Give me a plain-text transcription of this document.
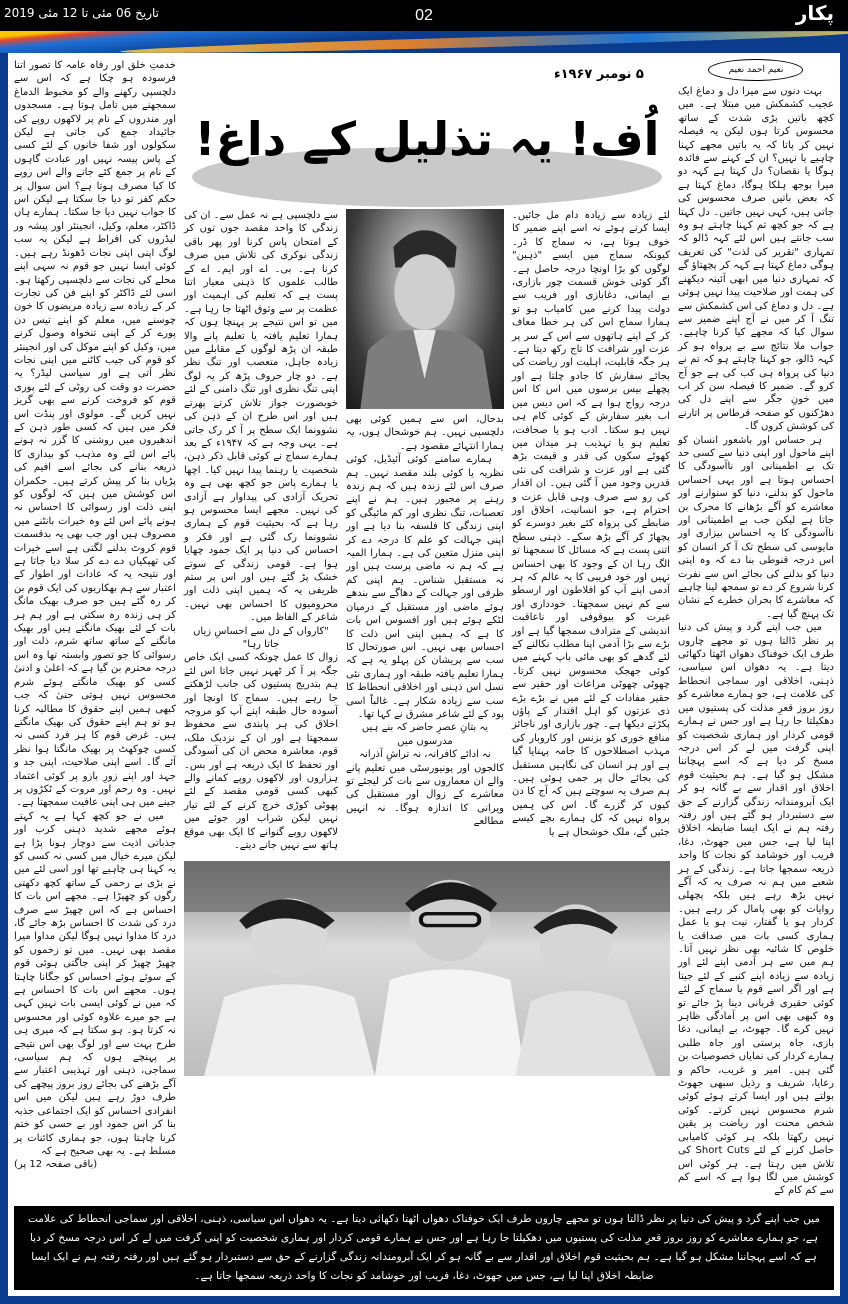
پکار
02
تاریخ 06 مئی تا 12 مئی 2019

خدمتِ خلق اور رفاہ عامہ کا تصور اتنا فرسودہ ہو چکا ہے کہ اس سے دلچسپی رکھنے والے کو مخبوط الدماغ سمجھنے میں تامل ہوتا ہے۔ مسجدوں اور مندروں کے نام پر لاکھوں روپے کی جائیداد جمع کی جاتی ہے لیکن سکولوں اور شفا خانوں کے لئے کسی کے پاس پیسہ نہیں اور عبادت گاہوں کے نام پر جمع کئے جانے والے اس روپے کا کیا مصرف ہوتا ہے؟ اس سوال پر حکم کفر تو دیا جا سکتا ہے لیکن اس کا جواب نہیں دیا جا سکتا۔ ہمارے ہاں ڈاکٹر، معلم، وکیل، انجینئر اور پیشہ ور لیڈروں کی افراط ہے لیکن یہ سب لوگ اپنی اپنی نجات ڈھونڈ رہے ہیں۔ کوئی ایسا نہیں جو قوم نہ سہی اپنے محلے کی نجات سے دلچسپی رکھتا ہو۔ اسی لئے ڈاکٹر کو اپنے فن کی تجارت کر کے زیادہ سے زیادہ مریضوں کا خون چوسنے میں، معلم کو اپنے تیس دن پورے کر کے اپنی تنخواہ وصول کرنے میں، وکیل کو اپنے موکل کی اور انجینئر کو قوم کی جیب کاٹنے میں اپنی نجات نظر آتی ہے اور سیاسی لیڈر؟ یہ حضرت دو وقت کی روٹی کے لئے پوری قوم کو فروخت کرنے سے بھی گریز نہیں کریں گے۔ مولوی اور پنڈت اس فکر میں ہیں کہ کسی طور ذہن کے اندھیروں میں روشنی کا گزر نہ ہونے پائے اس لئے وہ مذہب کو بیداری کا ذریعہ بنانے کی بجائے اسے افیم کی پڑیاں بنا کر پیش کرتے ہیں۔ حکمران اس کوشش میں ہیں کہ لوگوں کو اپنی ذلت اور رسوائی کا احساس نہ ہونے پائے اس لئے وہ خیرات بانٹنے میں مصروف ہیں اور جب بھی یہ بدقسمت قوم کروٹ بدلنے لگتی ہے اسے خیرات کی تھپکیاں دے دے کر سلا دیا جاتا ہے اور نتیجہ یہ کہ عادات اور اطوار کے اعتبار سے ہم بھکاریوں کی ایک قوم بن کر رہ گئے ہیں جو صرف بھیک مانگ کر ہی زندہ رہ سکتی ہے اور ہم ہر بات کے لئے بھیک مانگتے ہیں اور بھیک مانگنے کے ساتھ ساتھ شرم، ذلت اور رسوائی کا جو تصور وابستہ تھا وہ اس درجہ محترم بن گیا ہے کہ اعلیٰ و ادنیٰ کسی کو بھیک مانگتے ہوئے شرم محسوس نہیں ہوتی حتیٰ کہ جب کبھی ہمیں اپنے حقوق کا مطالبہ کرنا ہو تو ہم اپنے حقوق کی بھیک مانگتے ہیں۔ غرض قوم کا ہر فرد کسی نہ کسی چوکھٹ پر بھیک مانگتا ہوا نظر آئے گا۔ اسے اپنی صلاحیت، اپنی جد و جہد اور اپنے زورِ بازو پر کوئی اعتماد نہیں۔ وہ رحم اور مروت کے ٹکڑوں پر جینے میں ہی اپنی عافیت سمجھتا ہے۔

میں نے جو کچھ کہا ہے یہ کہتے ہوئے مجھے شدید ذہنی کرب اور جذباتی اذیت سے دوچار ہونا پڑا ہے لیکن میرے خیال میں کسی نہ کسی کو یہ کہنا ہی چاہیے تھا اور اسی لئے میں نے بڑی بے رحمی کے ساتھ کچھ دکھتی رگوں کو چھیڑا ہے۔ مجھے اس بات کا احساس ہے کہ اس چھیڑ سے صرف درد کی شدت کا احساس بڑھ جائے گا، درد کا مداوا نہیں ہوگا لیکن مداوا میرا مقصد بھی نہیں۔ میں تو زخموں کو چھیڑ چھیڑ کر اپنی جاگتی ہوئی قوم کے سوئے ہوئے احساس کو جگانا چاہتا ہوں۔ مجھے اس بات کا احساس ہے کہ میں نے کوئی ایسی بات نہیں کہی ہے جو میرے علاوہ کوئی اور محسوس نہ کرتا ہو۔ ہو سکتا ہے کہ میری ہی طرح بہت سے اور لوگ بھی اس نتیجے پر پہنچے ہوں کہ ہم سیاسی، سماجی، ذہنی اور تہذیبی اعتبار سے آگے بڑھنے کی بجائے روز بروز پیچھے کی طرف دوڑ رہے ہیں لیکن میں اس انفرادی احساس کو ایک اجتماعی جذبہ بنا کر اس جمود اور بے حسی کو ختم کرنا چاہتا ہوں، جو ہماری کائنات پر مسلط ہے۔ یہ بھی صحیح ہے کہ

(باقی صفحہ 12 پر)

۵ نومبر ۱۹۶۷ء
اُف! یہ تذلیل کے داغ!

سے دلچسپی ہے نہ عمل سے۔ ان کی زندگی کا واحد مقصد جوں توں کر کے امتحان پاس کرنا اور پھر باقی زندگی نوکری کی تلاش میں صرف کرنا ہے۔ بی۔ اے اور ایم۔ اے کے طالب علموں کا ذہنی معیار اتنا پست ہے کہ تعلیم کی اہمیت اور عظمت پر سے وثوق اٹھتا جا رہا ہے۔ میں تو اس نتیجے پر پہنچا ہوں کہ ہمارا تعلیم یافتہ یا تعلیم پانے والا طبقہ ان پڑھ لوگوں کے مقابلے میں زیادہ جاہل، متعصب اور تنگ نظر ہے۔ دو چار حروف پڑھ کر یہ لوگ اپنی تنگ نظری اور تنگ دامنی کے لئے خوبصورت جواز تلاش کرتے پھرتے ہیں اور اس طرح ان کے ذہن کی نشوونما ایک سطح پر آ کر رک جاتی ہے۔ یہی وجہ ہے کہ ۱۹۴۷ء کے بعد ہمارے سماج نے کوئی قابل ذکر ذہن، شخصیت یا رہنما پیدا نہیں کیا۔ اچھا یا ہمارے پاس جو کچھ بھی ہے وہ تحریک آزادی کی پیداوار ہے آزادی کی نہیں۔ مجھے ایسا محسوس ہو رہا ہے کہ بحیثیت قوم کے ہماری نشوونما رک گئی ہے اور فکر و احساس کی دنیا پر ایک جمود چھایا ہوا ہے۔ قومی زندگی کے سوتے خشک پڑ گئے ہیں اور اس پر ستم ظریفی یہ کہ ہمیں اپنی ذلت اور محرومیوں کا احساس بھی نہیں۔ شاعر کے الفاظ میں۔

"کارواں کے دل سے احساسِ زیاں جاتا رہا"

زوال کا عمل چونکہ کسی ایک خاص جگہ پر آ کر ٹھہر نہیں جاتا اس لئے ہم بتدریج پستیوں کی جانب لڑھکتے جا رہے ہیں۔ سماج کا اونچا اور آسودہ حال طبقہ اپنے آپ کو مروجہ اخلاق کی ہر پابندی سے محفوظ سمجھتا ہے اور ان کے نزدیک ملک، قوم، معاشرہ محض ان کی آسودگی اور تحفظ کا ایک ذریعہ ہے اور بس۔ ہزاروں اور لاکھوں روپے کمانے والے کبھی کسی قومی مقصد کے لئے پھوٹی کوڑی خرچ کرنے کے لئے تیار نہیں لیکن شراب اور جوئے میں لاکھوں روپے گنوانے کا ایک بھی موقع ہاتھ سے نہیں جانے دیتے۔

بدحال، اس سے ہمیں کوئی بھی دلچسپی نہیں۔ ہم خوشحال ہوں، یہ ہمارا انتہائے مقصود ہے۔

ہمارے سامنے کوئی آئیڈیل، کوئی نظریہ یا کوئی بلند مقصد نہیں۔ ہم صرف اس لئے زندہ ہیں کہ ہم زندہ رہنے پر مجبور ہیں۔ ہم نے اپنے تعصبات، تنگ نظری اور کم مائیگی کو اپنی زندگی کا فلسفہ بنا دیا ہے اور اپنی جہالت کو علم کا درجہ دے کر اپنی منزل متعین کی ہے۔ ہمارا المیہ ہے کہ ہم نہ ماضی پرست ہیں اور نہ مستقبل شناس۔ ہم اپنی کم ظرفی اور جہالت کے دھاگے سے بندھے ہوئے ماضی اور مستقبل کے درمیان لٹکے ہوئے ہیں اور افسوس اس بات کا ہے کہ ہمیں اپنی اس ذلت کا احساس بھی نہیں۔ اس صورتحال کا سب سے پریشان کن پہلو یہ ہے کہ ہمارا تعلیم یافتہ طبقہ اور ہماری نئی نسل اس ذہنی اور اخلاقی انحطاط کا سب سے زیادہ شکار ہے۔ غالباً اسی پود کے لئے شاعر مشرق نے کہا تھا۔

یہ بتانِ عصرِ حاضر کہ بنے ہیں مدرسوں میں

نہ ادائے کافرانہ، نہ تراشِ آذرانہ

کالجوں اور یونیورسٹی میں تعلیم پانے والے ان معماروں سے بات کر لیجئے تو معاشرے کے زوال اور مستقبل کی ویرانی کا اندازہ ہوگا۔ نہ انہیں مطالعے

لئے زیادہ سے زیادہ دام مل جائیں۔ ایسا کرتے ہوئے نہ اسے اپنے ضمیر کا خوف ہوتا ہے، نہ سماج کا ڈر۔ کیونکہ سماج میں ایسے "ذہین" لوگوں کو بڑا اونچا درجہ حاصل ہے۔ اگر کوئی خوش قسمت چور بازاری، بے ایمانی، دغابازی اور فریب سے دولت پیدا کرنے میں کامیاب ہو تو ہمارا سماج اس کی ہر خطا معاف کر کے اپنے ہاتھوں سے اس کے سر پر عزت اور شرافت کا تاج رکھ دیتا ہے۔ ہر جگہ قابلیت، اہلیت اور ریاضت کی بجائے سفارش کا جادو چلتا ہے اور پچھلے بیس برسوں میں اس کا اس درجہ رواج ہوا ہے کہ اس دیس میں اب بغیر سفارش کے کوئی کام ہی نہیں ہو سکتا۔ ادب ہو یا صحافت، تعلیم ہو یا تہذیب ہر میدان میں کھوٹے سکوں کی قدر و قیمت بڑھ گئی ہے اور عزت و شرافت کی نئی قدریں وجود میں آ گئی ہیں۔ ان اقدار کی رو سے صرف وہی قابل عزت و احترام ہے، جو انسانیت، اخلاق اور ضابطے کی پرواہ کئے بغیر دوسرے کو پچھاڑ کر آگے بڑھ سکے۔ ذہنی سطح اتنی پست ہے کہ مسائل کا سمجھنا تو الگ رہا ان کے وجود کا بھی احساس نہیں اور خود فریبی کا یہ عالم کہ ہر آدمی اپنے آپ کو افلاطون اور ارسطو سے کم نہیں سمجھتا۔ خودداری اور غیرت کو بیوقوفی اور ناعاقبت اندیشی کے مترادف سمجھا گیا ہے اور بڑے سے بڑا آدمی اپنا مطلب نکالنے کے لئے گدھے کو بھی مائی باپ کہنے میں کوئی جھجک محسوس نہیں کرتا۔ چھوٹی چھوٹی مراعات اور حقیر سے حقیر مفادات کے لئے میں نے بڑے بڑے ذی عزتوں کو اہل اقتدار کے پاؤں پکڑتے دیکھا ہے۔ چور بازاری اور ناجائز منافع خوری کو بزنس اور کاروبار کی مہذب اصطلاحوں کا جامہ پہنایا گیا ہے اور ہر انسان کی نگاہیں مستقبل کی بجائے حال پر جمی ہوئی ہیں۔ ہم صرف یہ سوچتے ہیں کہ آج کا دن کیوں کر گزرے گا۔ اس کی ہمیں پرواہ نہیں کہ کل ہمارے بچے کیسے جئیں گے، ملک خوشحال ہے یا

نعیم احمد نعیم

بہت دنوں سے میرا دل و دماغ ایک عجیب کشمکش میں مبتلا ہے۔ میں کچھ باتیں بڑی شدت کے ساتھ محسوس کرتا ہوں لیکن یہ فیصلہ نہیں کر پاتا کہ یہ باتیں مجھے کہنا چاہیے یا نہیں؟ ان کے کہنے سے فائدہ ہوگا یا نقصان؟ دل کہتا ہے کہہ دو میرا بوجھ ہلکا ہوگا، دماغ کہتا ہے کہ بعض باتیں صرف محسوس کی جاتی ہیں، کہی نہیں جاتیں۔ دل کہتا ہے کہ جو کچھ تم کہنا چاہتے ہو وہ سب جانتے ہیں اس لئے کہہ ڈالو کہ تمہاری "تقریر کی لذت" کی تعریف ہوگی دماغ کہتا ہے کہہ کر پچھتاؤ گے کہ تمہاری دنیا میں ابھی آئینہ دیکھنے کی ہمت اور صلاحیت پیدا نہیں ہوئی ہے۔ دل و دماغ کی اس کشمکش سے تنگ آ کر میں نے آج اپنے ضمیر سے سوال کیا کہ مجھے کیا کرنا چاہیے۔ جواب ملا نتائج سے بے پرواہ ہو کر کہہ ڈالو، جو کہنا چاہتے ہو کہ تم نے دنیا کی پرواہ ہی کب کی ہے جو آج کرو گے۔ ضمیر کا فیصلہ سن کر اب میں خونِ جگر سے اپنے دل کی دھڑکنوں کو صفحہ قرطاس پر اتارنے کی کوشش کروں گا۔

ہر حساس اور باشعور انسان کو اپنے ماحول اور اپنی دنیا سے کسی حد تک بے اطمینانی اور ناآسودگی کا احساس ہوتا ہے اور یہی احساس ماحول کو بدلنے، دنیا کو سنوارنے اور معاشرے کو آگے بڑھانے کا محرک بن جاتا ہے لیکن جب بے اطمینانی اور ناآسودگی کا یہ احساس بیزاری اور مایوسی کی سطح تک آ کر انسان کو اس درجہ قنوطی بنا دے کہ وہ اپنی دنیا کو بدلنے کی بجائے اس سے نفرت کرنا شروع کر دے تو سمجھ لینا چاہیے کہ معاشرے کا بحران خطرے کے نشان تک پہنچ گیا ہے۔

میں جب اپنے گرد و پیش کی دنیا پر نظر ڈالتا ہوں تو مجھے چاروں طرف ایک خوفناک دھواں اٹھتا دکھائی دیتا ہے۔ یہ دھواں اس سیاسی، ذہنی، اخلاقی اور سماجی انحطاط کی علامت ہے، جو ہمارے معاشرے کو روز بروز قعرِ مذلت کی پستیوں میں دھکیلتا جا رہا ہے اور جس نے ہمارے قومی کردار اور ہماری شخصیت کو اپنی گرفت میں لے کر اس درجہ مسخ کر دیا ہے کہ اسے پہچاننا مشکل ہو گیا ہے۔ ہم بحیثیت قوم اخلاق اور اقدار سے بے گانہ ہو کر ایک آبرومندانہ زندگی گزارنے کے حق سے دستبردار ہو گئے ہیں اور رفتہ رفتہ ہم نے ایک ایسا ضابطہ اخلاق اپنا لیا ہے، جس میں جھوٹ، دغا، فریب اور خوشامد کو نجات کا واحد ذریعہ سمجھا جاتا ہے۔ زندگی کے ہر شعبے میں ہم نہ صرف یہ کہ آگے نہیں بڑھ رہے ہیں بلکہ پچھلی روایات کو بھی پامال کر رہے ہیں۔ کردار ہو یا گفتار، نیت ہو یا عمل ہماری کسی بات میں صداقت یا خلوص کا شائبہ بھی نظر نہیں آتا۔ ہم میں سے ہر آدمی اپنے لئے اور زیادہ سے زیادہ اپنے کنبے کے لئے جیتا ہے اور اگر اسے قوم یا سماج کے لئے کوئی حقیری قربانی دینا پڑ جائے تو وہ کبھی بھی اس پر آمادگی ظاہر نہیں کرے گا۔ جھوٹ، بے ایمانی، دغا بازی، جاہ پرستی اور جاہ طلبی ہمارے کردار کی نمایاں خصوصیات بن گئی ہیں۔ امیر و غریب، حاکم و رعایا، شریف و رذیل سبھی جھوٹ بولتے ہیں اور ایسا کرتے ہوئے کوئی شرم محسوس نہیں کرتے۔ کوئی شخص محنت اور ریاضت پر یقین نہیں رکھتا بلکہ ہر کوئی کامیابی حاصل کرنے کے لئے Short Cuts کی تلاش میں رہتا ہے۔ ہر کوئی اس کوشش میں لگا ہوا ہے کہ اسے کم سے کم کام کے

میں جب اپنے گرد و پیش کی دنیا پر نظر ڈالتا ہوں تو مجھے چاروں طرف ایک خوفناک دھواں اٹھتا دکھائی دیتا ہے۔ یہ دھواں اس سیاسی، ذہنی، اخلاقی اور سماجی انحطاط کی علامت ہے، جو ہمارے معاشرے کو روز بروز قعرِ مذلت کی پستیوں میں دھکیلتا جا رہا ہے اور جس نے ہمارے قومی کردار اور ہماری شخصیت کو اپنی گرفت میں لے کر اس درجہ مسخ کر دیا ہے کہ اسے پہچاننا مشکل ہو گیا ہے۔ ہم بحیثیت قوم اخلاق اور اقدار سے بے گانہ ہو کر ایک آبرومندانہ زندگی گزارنے کے حق سے دستبردار ہو گئے ہیں اور رفتہ رفتہ ہم نے ایک ایسا ضابطہ اخلاق اپنا لیا ہے، جس میں جھوٹ، دغا، فریب اور خوشامد کو نجات کا واحد ذریعہ سمجھا جاتا ہے۔
